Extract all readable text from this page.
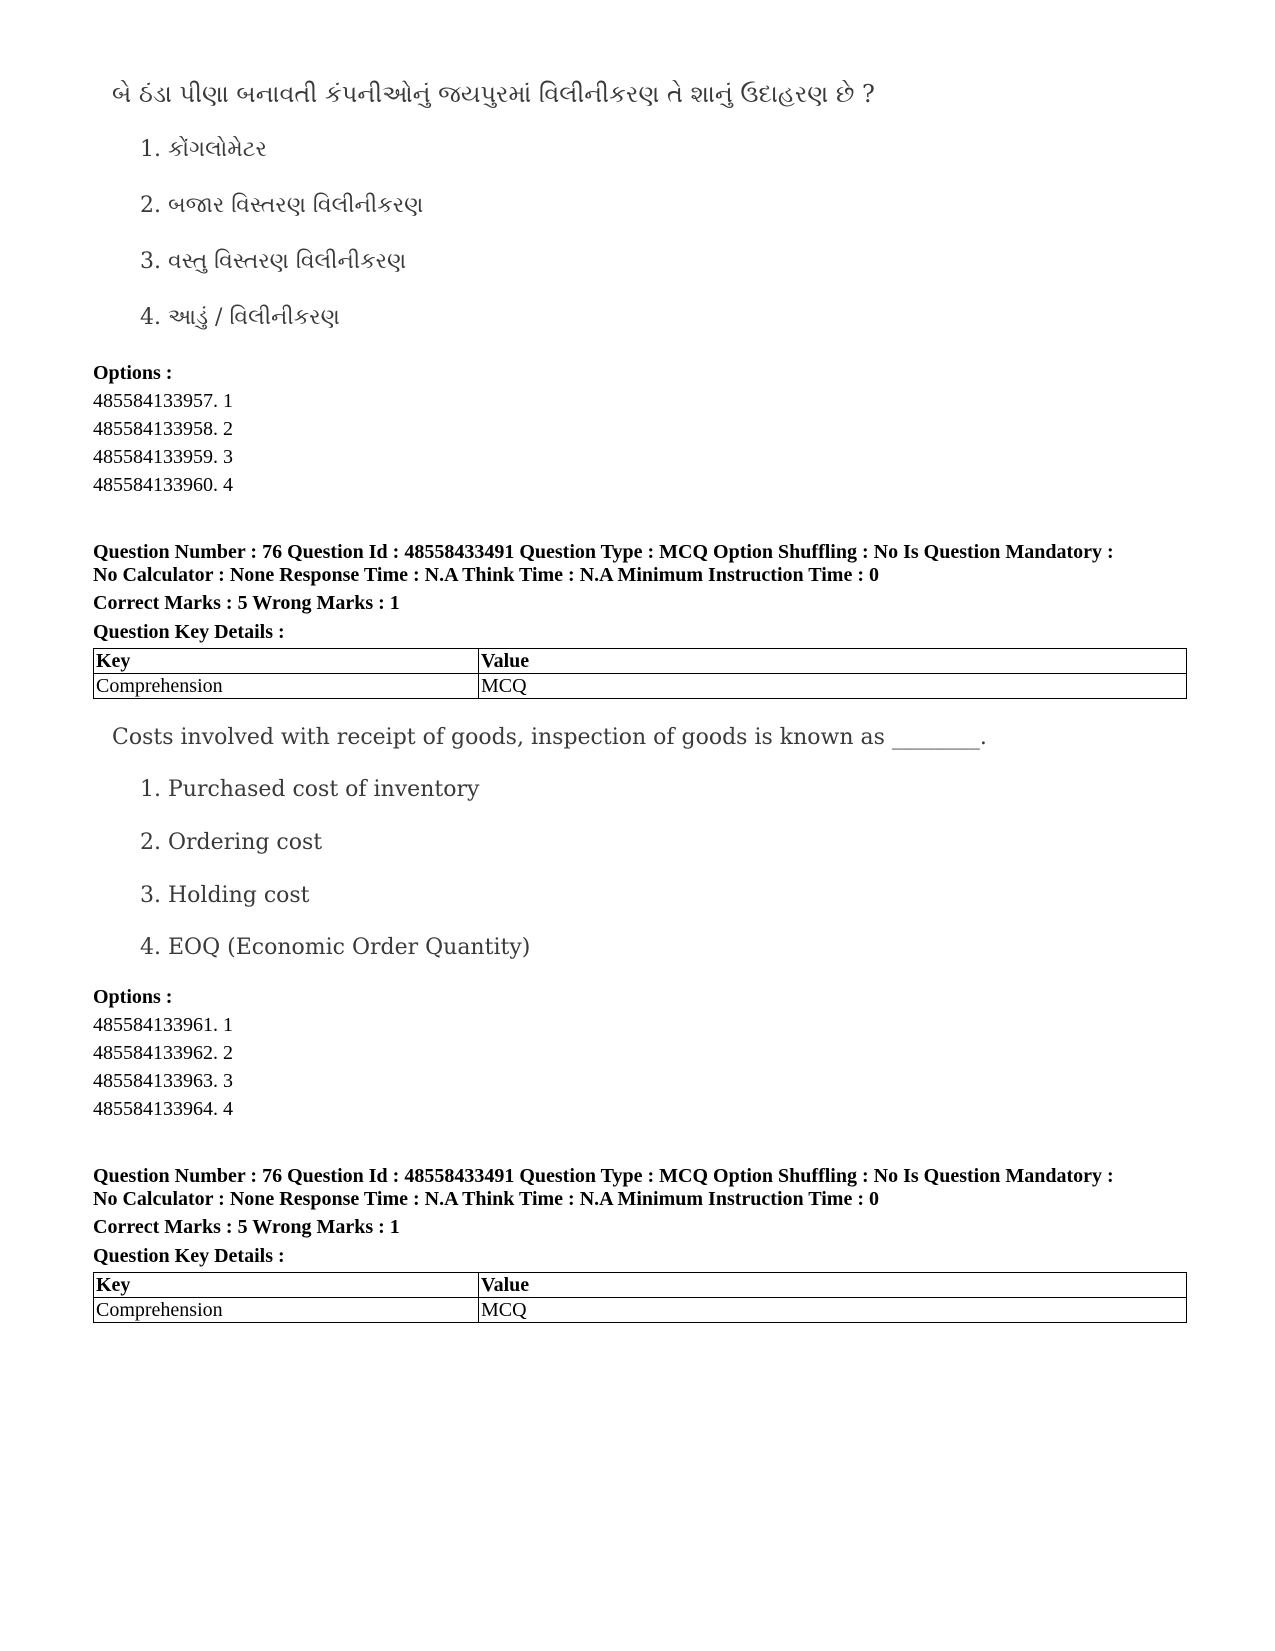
બે ઠંડા પીણા બનાવતી કંપનીઓનું જયપુરમાં વિલીનીકરણ તે શાનું ઉદાહરણ છે ?
1. કોંગલોમેટર
2. બજાર વિસ્તરણ વિલીનીકરણ
3. વસ્તુ વિસ્તરણ વિલીનીકરણ
4. આડું / વિલીનીકરણ
Options :
485584133957. 1
485584133958. 2
485584133959. 3
485584133960. 4
Question Number : 76 Question Id : 48558433491 Question Type : MCQ Option Shuffling : No Is Question Mandatory :
No Calculator : None Response Time : N.A Think Time : N.A Minimum Instruction Time : 0
Correct Marks : 5 Wrong Marks : 1
Question Key Details :
Key	Value
Comprehension	MCQ
Costs involved with receipt of goods, inspection of goods is known as ________.
1. Purchased cost of inventory
2. Ordering cost
3. Holding cost
4. EOQ (Economic Order Quantity)
Options :
485584133961. 1
485584133962. 2
485584133963. 3
485584133964. 4
Question Number : 76 Question Id : 48558433491 Question Type : MCQ Option Shuffling : No Is Question Mandatory :
No Calculator : None Response Time : N.A Think Time : N.A Minimum Instruction Time : 0
Correct Marks : 5 Wrong Marks : 1
Question Key Details :
Key	Value
Comprehension	MCQ
